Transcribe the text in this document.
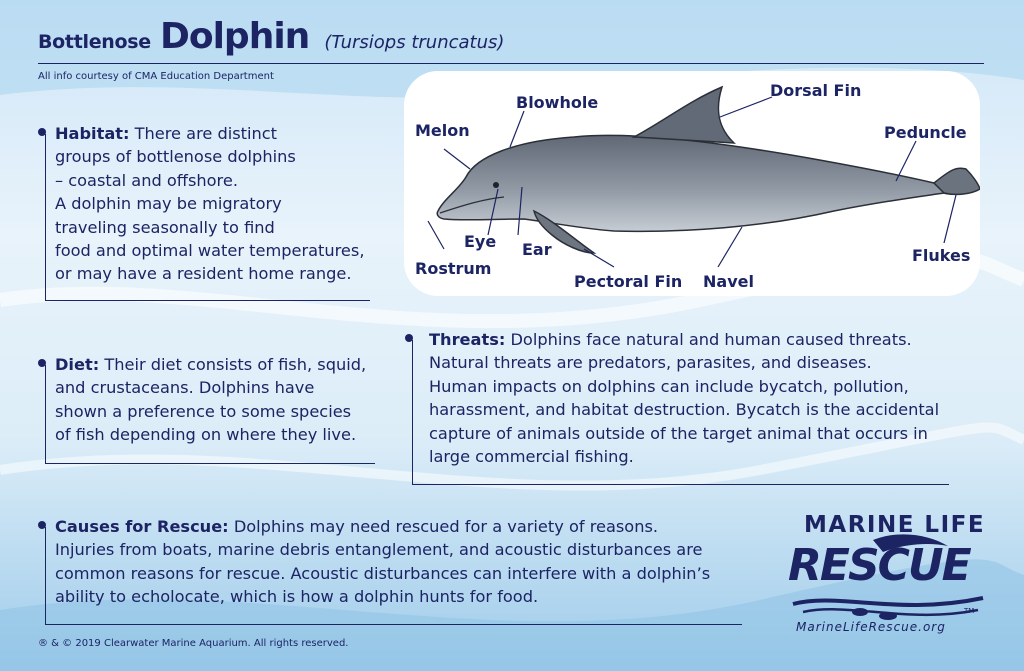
Bottlenose Dolphin (Tursiops truncatus)
All info courtesy of CMA Education Department
Habitat: There are distinct
groups of bottlenose dolphins
– coastal and offshore.
A dolphin may be migratory
traveling seasonally to find
food and optimal water temperatures,
or may have a resident home range.
Diet: Their diet consists of fish, squid,
and crustaceans. Dolphins have
shown a preference to some species
of fish depending on where they live.
Threats: Dolphins face natural and human caused threats.
Natural threats are predators, parasites, and diseases.
Human impacts on dolphins can include bycatch, pollution,
harassment, and habitat destruction. Bycatch is the accidental
capture of animals outside of the target animal that occurs in
large commercial fishing.
Causes for Rescue: Dolphins may need rescued for a variety of reasons.
Injuries from boats, marine debris entanglement, and acoustic disturbances are
common reasons for rescue. Acoustic disturbances can interfere with a dolphin’s
ability to echolocate, which is how a dolphin hunts for food.
Melon
Blowhole
Dorsal Fin
Peduncle
Eye Ear
Rostrum
Pectoral Fin Navel
Flukes
MARINE LIFE
RESCUE
TM
MarineLifeRescue.org
® & © 2019 Clearwater Marine Aquarium. All rights reserved.
